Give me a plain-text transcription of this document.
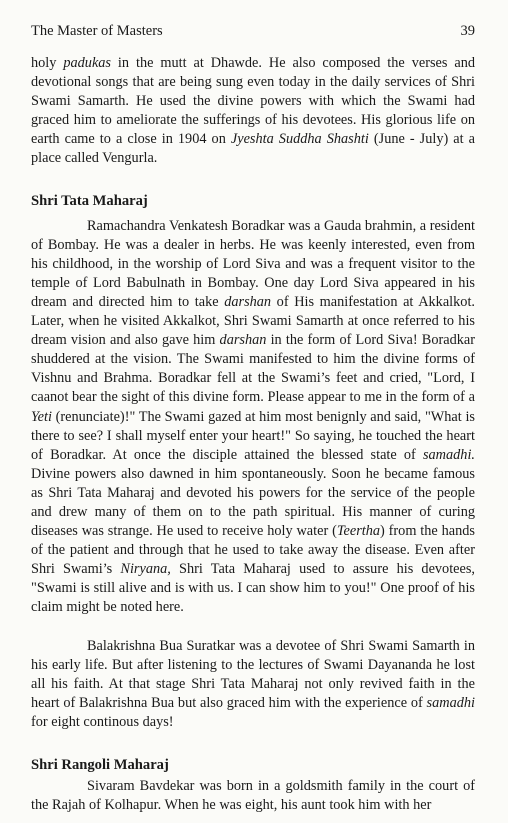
The Master of Masters	39

holy padukas in the mutt at Dhawde. He also composed the verses and devotional songs that are being sung even today in the daily services of Shri Swami Samarth. He used the divine powers with which the Swami had graced him to ameliorate the sufferings of his devotees. His glorious life on earth came to a close in 1904 on Jyeshta Suddha Shashti (June - July) at a place called Vengurla.

Shri Tata Maharaj

Ramachandra Venkatesh Boradkar was a Gauda brahmin, a resident of Bombay. He was a dealer in herbs. He was keenly interested, even from his childhood, in the worship of Lord Siva and was a frequent visitor to the temple of Lord Babulnath in Bombay. One day Lord Siva appeared in his dream and directed him to take darshan of His manifestation at Akkalkot. Later, when he visited Akkalkot, Shri Swami Samarth at once referred to his dream vision and also gave him darshan in the form of Lord Siva! Boradkar shuddered at the vision. The Swami manifested to him the divine forms of Vishnu and Brahma. Boradkar fell at the Swami’s feet and cried, "Lord, I caanot bear the sight of this divine form. Please appear to me in the form of a Yeti (renunciate)!" The Swami gazed at him most benignly and said, "What is there to see? I shall myself enter your heart!" So saying, he touched the heart of Boradkar. At once the disciple attained the blessed state of samadhi. Divine powers also dawned in him spontaneously. Soon he became famous as Shri Tata Maharaj and devoted his powers for the service of the people and drew many of them on to the path spiritual. His manner of curing diseases was strange. He used to receive holy water (Teertha) from the hands of the patient and through that he used to take away the disease. Even after Shri Swami’s Niryana, Shri Tata Maharaj used to assure his devotees, "Swami is still alive and is with us. I can show him to you!" One proof of his claim might be noted here.

Balakrishna Bua Suratkar was a devotee of Shri Swami Samarth in his early life. But after listening to the lectures of Swami Dayananda he lost all his faith. At that stage Shri Tata Maharaj not only revived faith in the heart of Balakrishna Bua but also graced him with the experience of samadhi for eight continous days!

Shri Rangoli Maharaj

Sivaram Bavdekar was born in a goldsmith family in the court of the Rajah of Kolhapur. When he was eight, his aunt took him with her
